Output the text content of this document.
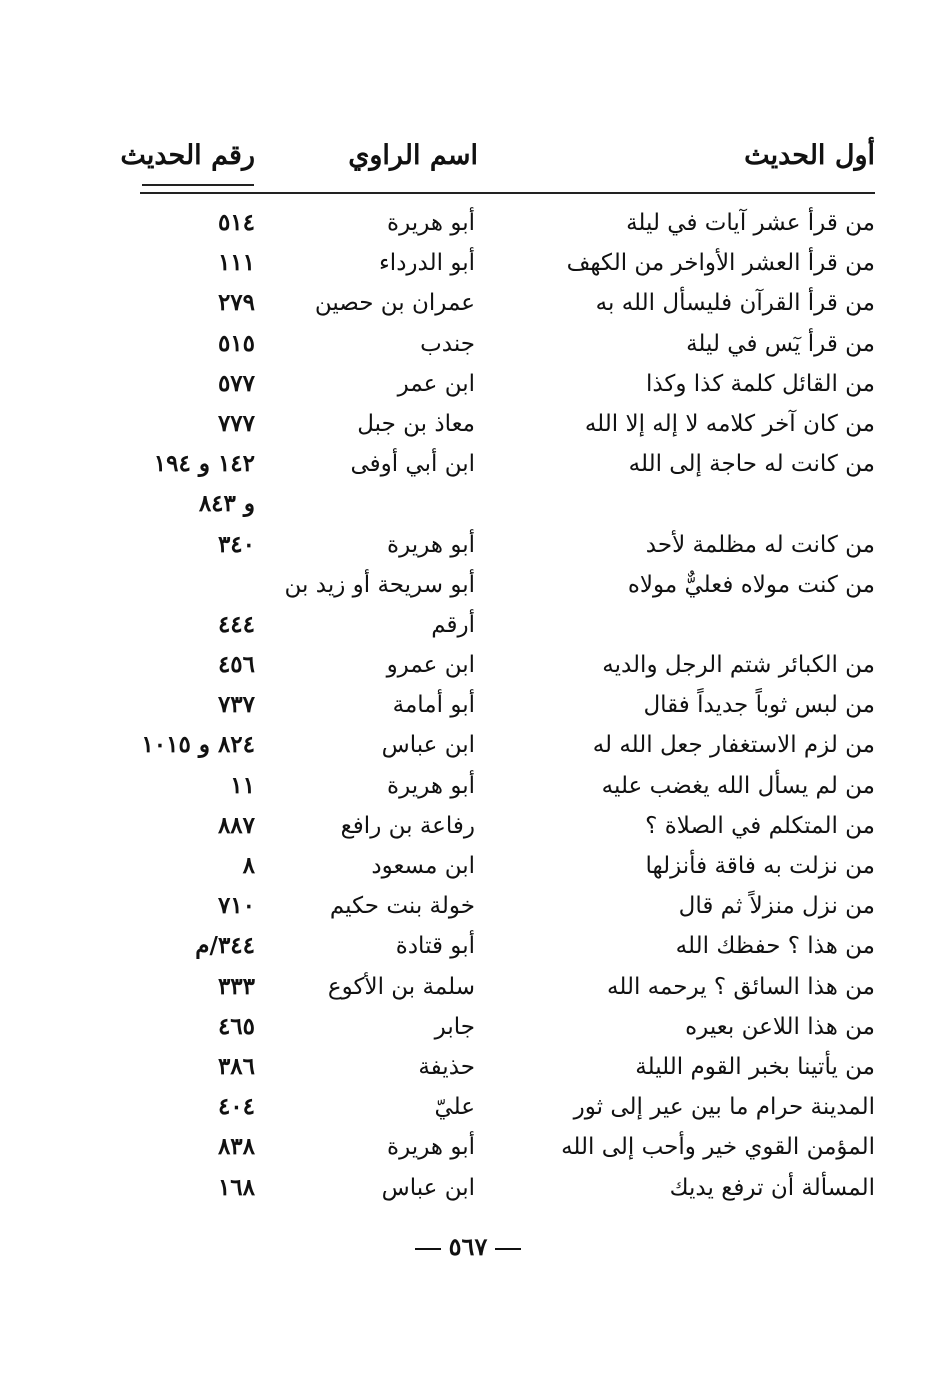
أول الحديث
اسم الراوي
رقم الحديث
من قرأ عشر آيات في ليلة
أبو هريرة
٥١٤
من قرأ العشر الأواخر من الكهف
أبو الدرداء
١١١
من قرأ القرآن فليسأل الله به
عمران بن حصين
٢٧٩
من قرأ يٓس في ليلة
جندب
٥١٥
من القائل كلمة كذا وكذا
ابن عمر
٥٧٧
من كان آخر كلامه لا إله إلا الله
معاذ بن جبل
٧٧٧
من كانت له حاجة إلى الله
ابن أبي أوفى
١٤٢ و ١٩٤
و ٨٤٣
من كانت له مظلمة لأحد
أبو هريرة
٣٤٠
من كنت مولاه فعليٌّ مولاه
أبو سريحة أو زيد بن
أرقم
٤٤٤
من الكبائر شتم الرجل والديه
ابن عمرو
٤٥٦
من لبس ثوباً جديداً فقال
أبو أمامة
٧٣٧
من لزم الاستغفار جعل الله له
ابن عباس
٨٢٤ و ١٠١٥
من لم يسأل الله يغضب عليه
أبو هريرة
١١
من المتكلم في الصلاة ؟
رفاعة بن رافع
٨٨٧
من نزلت به فاقة فأنزلها
ابن مسعود
٨
من نزل منزلاً ثم قال
خولة بنت حكيم
٧١٠
من هذا ؟ حفظك الله
أبو قتادة
٣٤٤/م
من هذا السائق ؟ يرحمه الله
سلمة بن الأكوع
٣٣٣
من هذا اللاعن بعيره
جابر
٤٦٥
من يأتينا بخبر القوم الليلة
حذيفة
٣٨٦
المدينة حرام ما بين عير إلى ثور
عليّ
٤٠٤
المؤمن القوي خير وأحب إلى الله
أبو هريرة
٨٣٨
المسألة أن ترفع يديك
ابن عباس
١٦٨
٥٦٧
